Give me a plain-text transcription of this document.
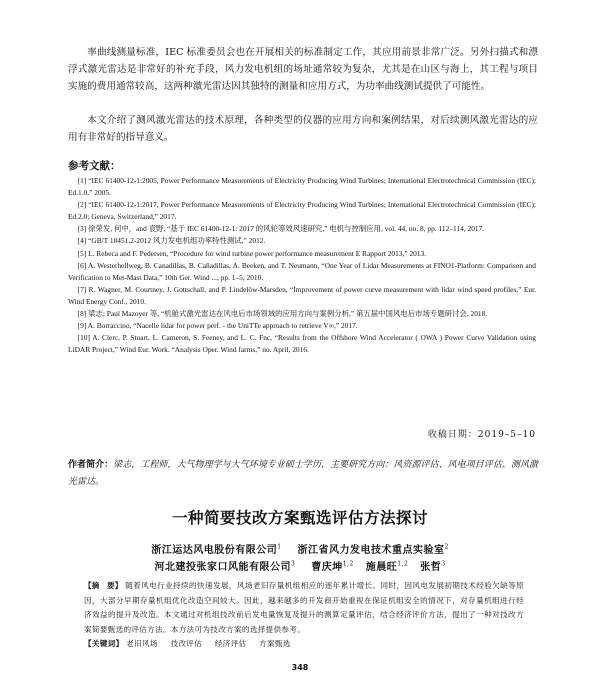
率曲线测量标准，IEC 标准委员会也在开展相关的标准制定工作，其应用前景非常广泛。另外扫描式和漂浮式激光雷达是非常好的补充手段，风力发电机组的场址通常较为复杂，尤其是在山区与海上，其工程与项目实施的费用通常较高，这两种激光雷达因其独特的测量和应用方式，为功率曲线测试提供了可能性。

本文介绍了测风激光雷达的技术原理，各种类型的仪器的应用方向和案例结果，对后续测风激光雷达的应用有非常好的指导意义。

参考文献：

[1] “IEC 61400-12-1:2005, Power Performance Measurements of Electricity Producing Wind Turbines; International Electrotechnical Commission (IEC); Ed.1.0,” 2005.
[2] “IEC 61400-12-1:2017, Power Performance Measurements of Electricity Producing Wind Turbines; International Electrotechnical Commission (IEC); Ed.2.0; Geneva, Switzerland,” 2017.
[3] 徐荣发, 何中，and 袁野, “基于 IEC 61400-12-1: 2017 的风轮等效风速研究,” 电机与控制应用, vol. 44, no. 8, pp. 112–114, 2017.
[4] “GB/T 18451.2-2012 风力发电机组功率特性测试,” 2012.
[5] L. Rebeca and F. Pedersen, “Procedure for wind turbine power performance measurement E Rapport 2013,” 2013.
[6] A. Westerhellweg, B. Canadillas, B. Cañadillas, A. Beeken, and T. Neumann, “One Year of Lidar Measurements at FINO1-Platform: Comparison and Verification to Met-Mast Data,” 10th Ger. Wind ..., pp. 1–5, 2010.
[7] R. Wagner, M. Courtney, J. Gottschall, and P. Lindelöw-Marsden, “Improvement of power curve measurement with lidar wind speed profiles,” Eur. Wind Energy Conf., 2010.
[8] 梁志; Paul Mazoyer 等, “机舱式激光雷达在风电后市场领域的应用方向与案例分析,” 第五届中国风电后市场专题研讨会, 2018.
[9] A. Borraccino, “Nacelle lidar for power perf. - the UniTTe approach to retrieve V∞,” 2017.
[10] A. Clerc, P. Stuart, L. Cameron, S. Feeney, and L. C. Fnc, “Results from the Offshore Wind Accelerator ( OWA ) Power Curve Validation using LiDAR Project,” Wind Eur. Work. “Analysis Oper. Wind farms,” no. April, 2016.

收稿日期：2019–5–10

作者简介：梁志，工程师，大气物理学与大气环境专业硕士学历，主要研究方向：风资源评估、风电项目评估、测风激光雷达。

一种简要技改方案甄选评估方法探讨

浙江运达风电股份有限公司$^1$ 浙江省风力发电技术重点实验室$^2$

河北建投张家口风能有限公司$^3$ 曹庆坤$^{1,2}$ 施晨旺$^{1,2}$ 张哲$^3$

【摘　要】 随着风电行业持续的快速发展，风场老旧存量机组相应的逐年累计增长。同时，因风电发展初期技术经验欠缺等原因，大部分早期存量机组优化改造空间较大。因此，越来越多的开发商开始重视在保证机组安全的情况下，对存量机组进行经济效益的提升及改造。本文通过对机组技改前后发电量恢复及提升的测算定量评估，结合经济评价方法，提出了一种对技改方案简要甄选的评估方法。本方法可为技改方案的选择提供参考。

【关键词】 老旧风场 技改评估 经济评估 方案甄选

348
